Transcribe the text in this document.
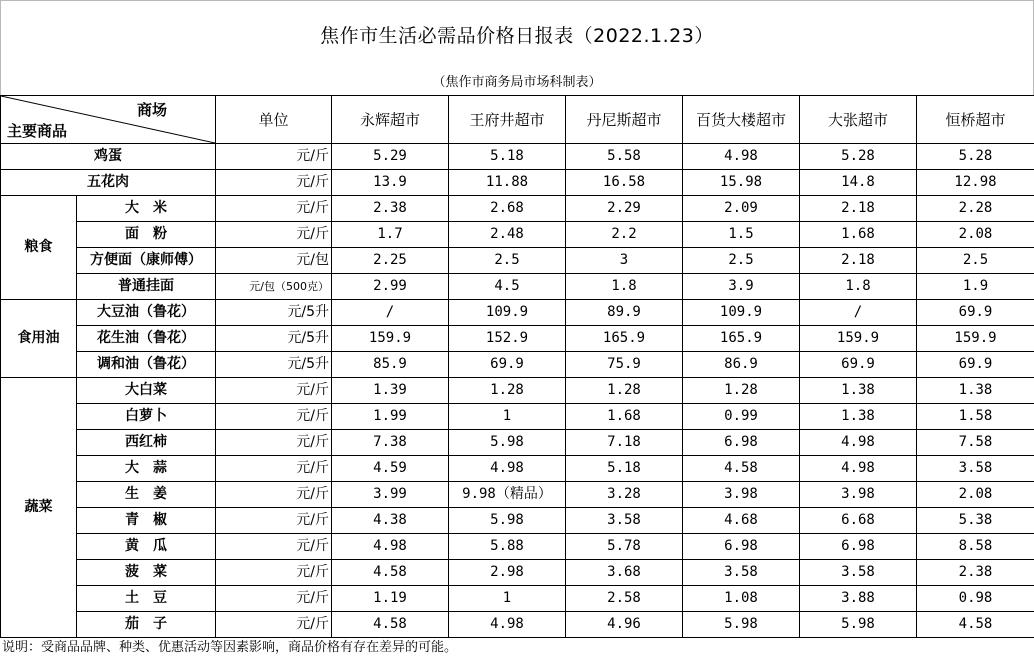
焦作市生活必需品价格日报表（2022.1.23）
（焦作市商务局市场科制表）
商场
主要商品		单位	永辉超市	王府井超市	丹尼斯超市	百货大楼超市	大张超市	恒桥超市
鸡蛋		元/斤	5.29	5.18	5.58	4.98	5.28	5.28
五花肉		元/斤	13.9	11.88	16.58	15.98	14.8	12.98
粮食	大　米	元/斤	2.38	2.68	2.29	2.09	2.18	2.28
	面　粉	元/斤	1.7	2.48	2.2	1.5	1.68	2.08
	方便面（康师傅）	元/包	2.25	2.5	3	2.5	2.18	2.5
	普通挂面	元/包（500克）	2.99	4.5	1.8	3.9	1.8	1.9
食用油	大豆油（鲁花）	元/5升	/	109.9	89.9	109.9	/	69.9
	花生油（鲁花）	元/5升	159.9	152.9	165.9	165.9	159.9	159.9
	调和油（鲁花）	元/5升	85.9	69.9	75.9	86.9	69.9	69.9
蔬菜	大白菜	元/斤	1.39	1.28	1.28	1.28	1.38	1.38
	白萝卜	元/斤	1.99	1	1.68	0.99	1.38	1.58
	西红柿	元/斤	7.38	5.98	7.18	6.98	4.98	7.58
	大　蒜	元/斤	4.59	4.98	5.18	4.58	4.98	3.58
	生　姜	元/斤	3.99	9.98（精品）	3.28	3.98	3.98	2.08
	青　椒	元/斤	4.38	5.98	3.58	4.68	6.68	5.38
	黄　瓜	元/斤	4.98	5.88	5.78	6.98	6.98	8.58
	菠　菜	元/斤	4.58	2.98	3.68	3.58	3.58	2.38
	土　豆	元/斤	1.19	1	2.58	1.08	3.88	0.98
	茄　子	元/斤	4.58	4.98	4.96	5.98	5.98	4.58
说明：受商品品牌、种类、优惠活动等因素影响，商品价格有存在差异的可能。
